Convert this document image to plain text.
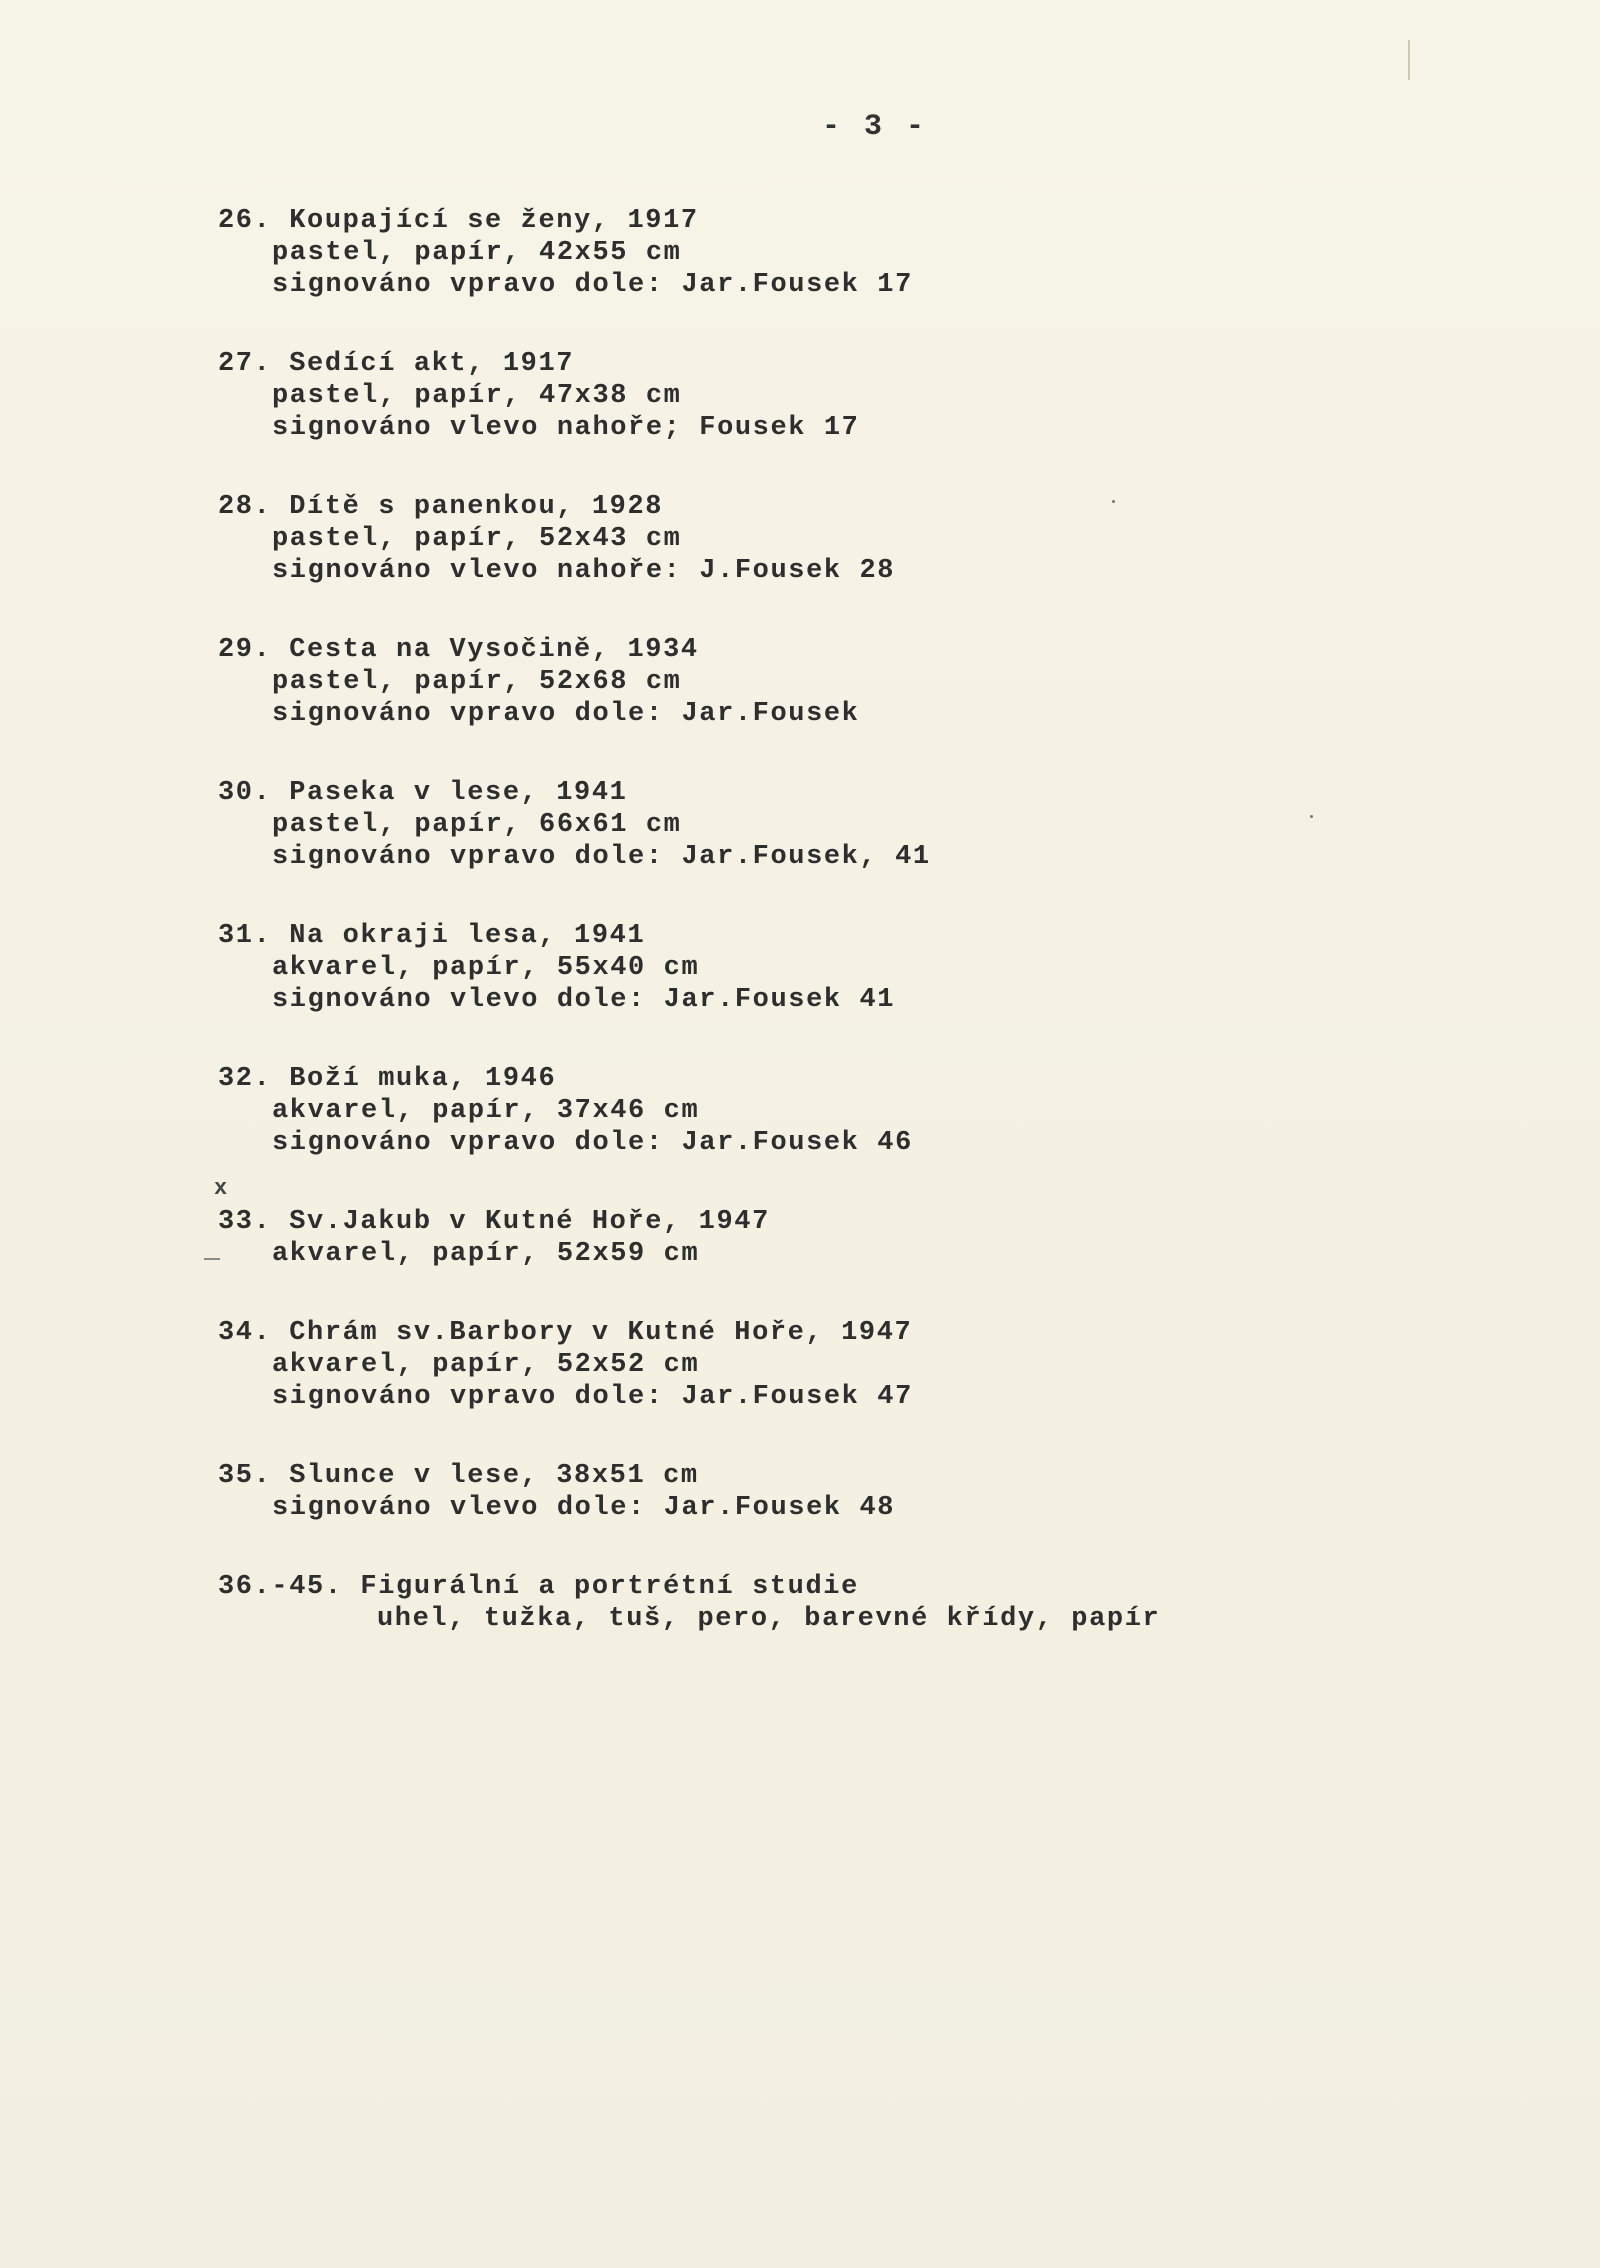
- 3 -
26. Koupající se ženy, 1917
pastel, papír, 42x55 cm
signováno vpravo dole: Jar.Fousek 17
27. Sedící akt, 1917
pastel, papír, 47x38 cm
signováno vlevo nahoře; Fousek 17
28. Dítě s panenkou, 1928
pastel, papír, 52x43 cm
signováno vlevo nahoře: J.Fousek 28
29. Cesta na Vysočině, 1934
pastel, papír, 52x68 cm
signováno vpravo dole: Jar.Fousek
30. Paseka v lese, 1941
pastel, papír, 66x61 cm
signováno vpravo dole: Jar.Fousek, 41
31. Na okraji lesa, 1941
akvarel, papír, 55x40 cm
signováno vlevo dole: Jar.Fousek 41
32. Boží muka, 1946
akvarel, papír, 37x46 cm
signováno vpravo dole: Jar.Fousek 46
x
33. Sv.Jakub v Kutné Hoře, 1947
akvarel, papír, 52x59 cm
34. Chrám sv.Barbory v Kutné Hoře, 1947
akvarel, papír, 52x52 cm
signováno vpravo dole: Jar.Fousek 47
35. Slunce v lese, 38x51 cm
signováno vlevo dole: Jar.Fousek 48
36.-45. Figurální a portrétní studie
uhel, tužka, tuš, pero, barevné křídy, papír
